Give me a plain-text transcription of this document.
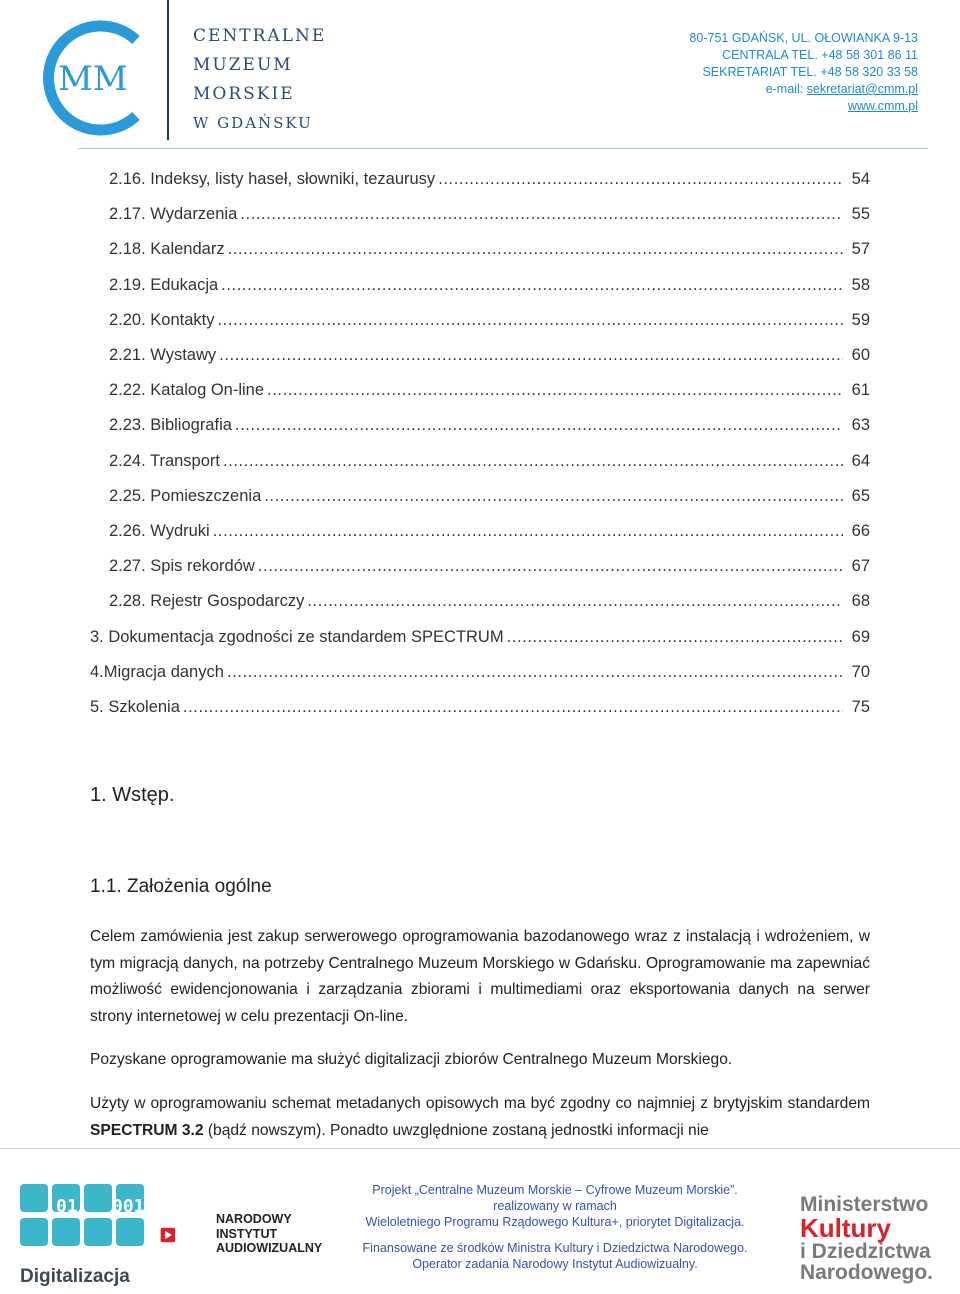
MM
CENTRALNE
MUZEUM
MORSKIE
W GDAŃSKU
80-751 GDAŃSK, UL. OŁOWIANKA 9-13
CENTRALA TEL. +48 58 301 86 11
SEKRETARIAT TEL. +48 58 320 33 58
e-mail: sekretariat@cmm.pl
www.cmm.pl
2.16. Indeksy, listy haseł, słowniki, tezaurusy .....	54
2.17. Wydarzenia .....	55
2.18. Kalendarz .....	57
2.19. Edukacja .....	58
2.20. Kontakty .....	59
2.21. Wystawy .....	60
2.22. Katalog On-line .....	61
2.23. Bibliografia .....	63
2.24. Transport .....	64
2.25. Pomieszczenia .....	65
2.26. Wydruki .....	66
2.27. Spis rekordów .....	67
2.28. Rejestr Gospodarczy .....	68
3. Dokumentacja zgodności ze standardem SPECTRUM .....	69
4.Migracja danych .....	70
5. Szkolenia .....	75
1. Wstęp.
1.1. Założenia ogólne
Celem zamówienia jest zakup serwerowego oprogramowania bazodanowego wraz z instalacją i wdrożeniem, w tym migracją danych, na potrzeby Centralnego Muzeum Morskiego w Gdańsku. Oprogramowanie ma zapewniać możliwość ewidencjonowania i zarządzania zbiorami i multimediami oraz eksportowania danych na serwer strony internetowej w celu prezentacji On-line.
Pozyskane oprogramowanie ma służyć digitalizacji zbiorów Centralnego Muzeum Morskiego.
Użyty w oprogramowaniu schemat metadanych opisowych ma być zgodny co najmniej z brytyjskim standardem SPECTRUM 3.2 (bądź nowszym). Ponadto uwzględnione zostaną jednostki informacji nie
01 001
Digitalizacja
NARODOWY
INSTYTUT
AUDIOWIZUALNY
Projekt „Centralne Muzeum Morskie – Cyfrowe Muzeum Morskie”.
realizowany w ramach
Wieloletniego Programu Rządowego Kultura+, priorytet Digitalizacja.
Finansowane ze środków Ministra Kultury i Dziedzictwa Narodowego.
Operator zadania Narodowy Instytut Audiowizualny.
Ministerstwo
Kultury
i Dziedzictwa
Narodowego.
